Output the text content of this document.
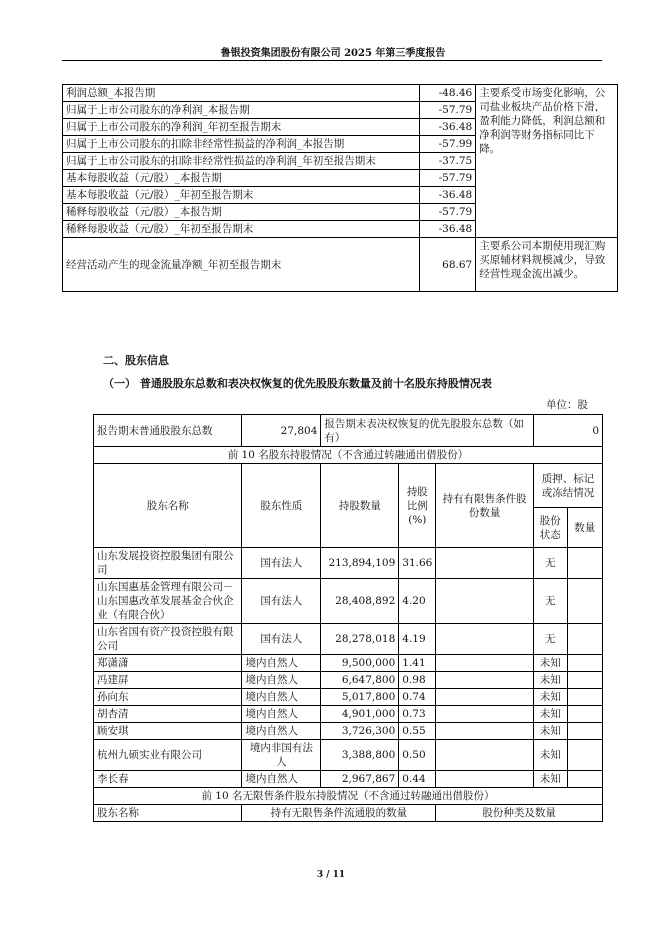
鲁银投资集团股份有限公司 2025 年第三季度报告
利润总额_本报告期	-48.46	主要系受市场变化影响，公司盐业板块产品价格下滑，盈利能力降低，利润总额和净利润等财务指标同比下降。
归属于上市公司股东的净利润_本报告期	-57.79	
归属于上市公司股东的净利润_年初至报告期末	-36.48	
归属于上市公司股东的扣除非经常性损益的净利润_本报告期	-57.99	
归属于上市公司股东的扣除非经常性损益的净利润_年初至报告期末	-37.75	
基本每股收益（元/股）_本报告期	-57.79	
基本每股收益（元/股）_年初至报告期末	-36.48	
稀释每股收益（元/股）_本报告期	-57.79	
稀释每股收益（元/股）_年初至报告期末	-36.48	
经营活动产生的现金流量净额_年初至报告期末	68.67	主要系公司本期使用现汇购买原辅材料规模减少，导致经营性现金流出减少。
二、股东信息
（一） 普通股股东总数和表决权恢复的优先股股东数量及前十名股东持股情况表
单位：股
报告期末普通股股东总数	27,804	报告期末表决权恢复的优先股股东总数（如有）			0	
前 10 名股东持股情况（不含通过转融通出借股份）						
股东名称	股东性质	持股数量	持股比例(%)	持有有限售条件股份数量	质押、标记或冻结情况	
					股份状态	数量
山东发展投资控股集团有限公司	国有法人	213,894,109	31.66		无	
山东国惠基金管理有限公司－山东国惠改革发展基金合伙企业（有限合伙）	国有法人	28,408,892	4.20		无	
山东省国有资产投资控股有限公司	国有法人	28,278,018	4.19		无	
郑潇潇	境内自然人	9,500,000	1.41		未知	
冯建屏	境内自然人	6,647,800	0.98		未知	
孙向东	境内自然人	5,017,800	0.74		未知	
胡杏清	境内自然人	4,901,000	0.73		未知	
顾安琪	境内自然人	3,726,300	0.55		未知	
杭州九硕实业有限公司	境内非国有法人	3,388,800	0.50		未知	
李长春	境内自然人	2,967,867	0.44		未知	
前 10 名无限售条件股东持股情况（不含通过转融通出借股份）						
股东名称	持有无限售条件流通股的数量			股份种类及数量		
3 / 11
